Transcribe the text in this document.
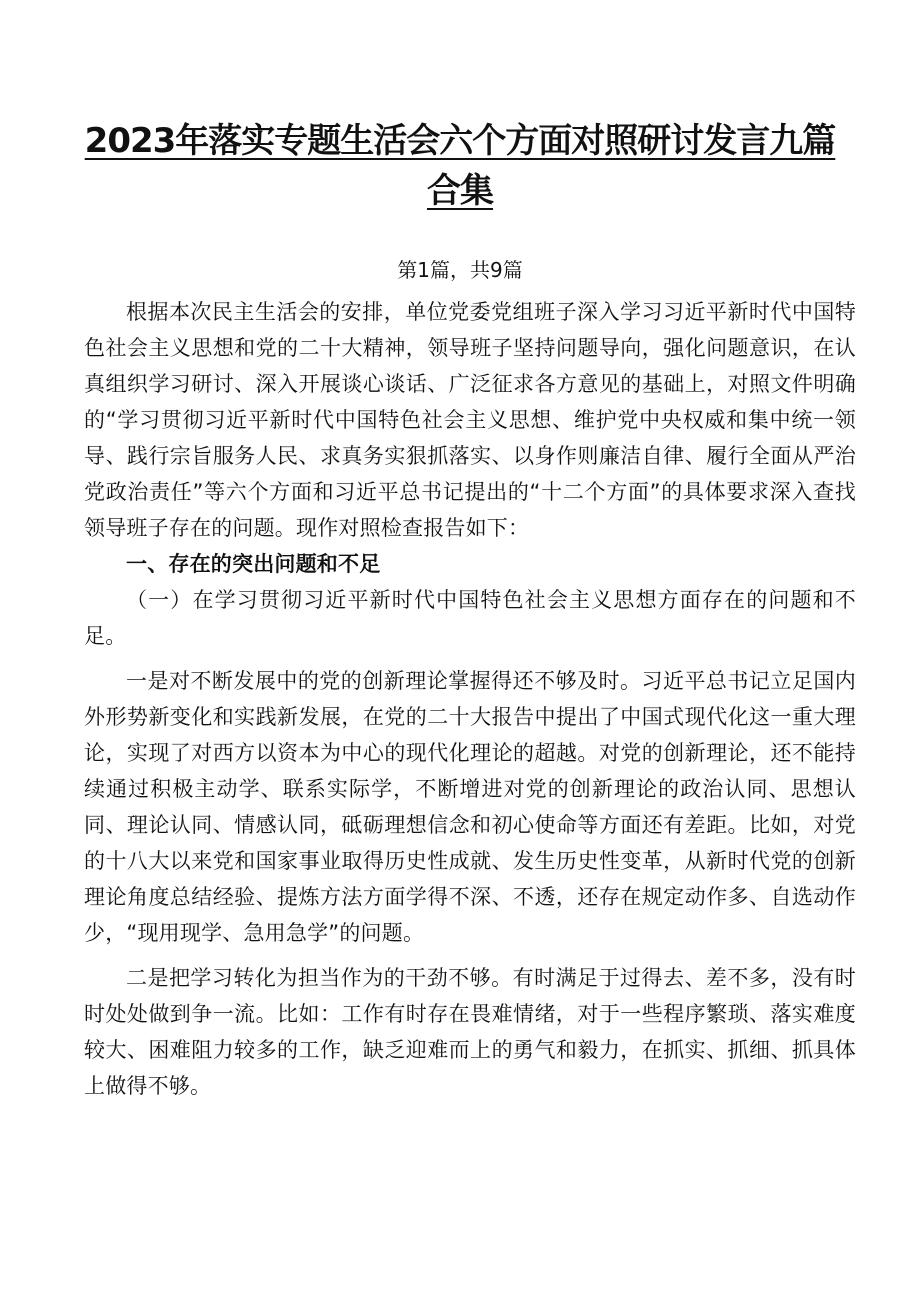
2023年落实专题生活会六个方面对照研讨发言九篇合集
第1篇，共9篇

根据本次民主生活会的安排，单位党委党组班子深入学习习近平新时代中国特色社会主义思想和党的二十大精神，领导班子坚持问题导向，强化问题意识，在认真组织学习研讨、深入开展谈心谈话、广泛征求各方意见的基础上，对照文件明确的“学习贯彻习近平新时代中国特色社会主义思想、维护党中央权威和集中统一领导、践行宗旨服务人民、求真务实狠抓落实、以身作则廉洁自律、履行全面从严治党政治责任”等六个方面和习近平总书记提出的“十二个方面”的具体要求深入查找领导班子存在的问题。现作对照检查报告如下：

一、存在的突出问题和不足

（一）在学习贯彻习近平新时代中国特色社会主义思想方面存在的问题和不足。

一是对不断发展中的党的创新理论掌握得还不够及时。习近平总书记立足国内外形势新变化和实践新发展，在党的二十大报告中提出了中国式现代化这一重大理论，实现了对西方以资本为中心的现代化理论的超越。对党的创新理论，还不能持续通过积极主动学、联系实际学，不断增进对党的创新理论的政治认同、思想认同、理论认同、情感认同，砥砺理想信念和初心使命等方面还有差距。比如，对党的十八大以来党和国家事业取得历史性成就、发生历史性变革，从新时代党的创新理论角度总结经验、提炼方法方面学得不深、不透，还存在规定动作多、自选动作少，“现用现学、急用急学”的问题。

二是把学习转化为担当作为的干劲不够。有时满足于过得去、差不多，没有时时处处做到争一流。比如：工作有时存在畏难情绪，对于一些程序繁琐、落实难度较大、困难阻力较多的工作，缺乏迎难而上的勇气和毅力，在抓实、抓细、抓具体上做得不够。
